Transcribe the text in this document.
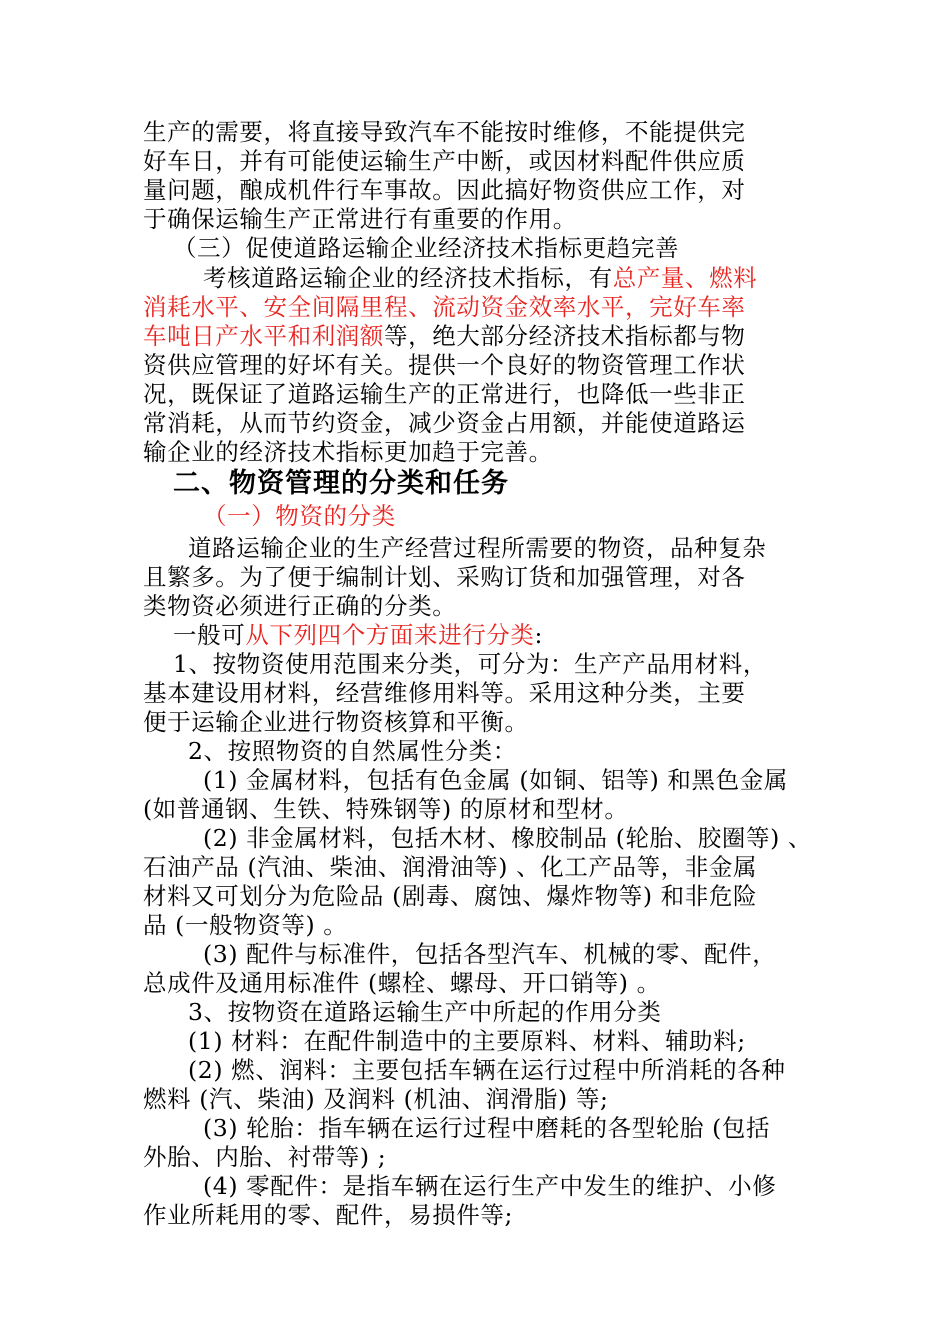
生产的需要，将直接导致汽车不能按时维修，不能提供完
好车日，并有可能使运输生产中断，或因材料配件供应质
量问题，酿成机件行车事故。因此搞好物资供应工作，对
于确保运输生产正常进行有重要的作用。
（三）促使道路运输企业经济技术指标更趋完善
考核道路运输企业的经济技术指标，有总产量、燃料
消耗水平、安全间隔里程、流动资金效率水平，完好车率
车吨日产水平和利润额等，绝大部分经济技术指标都与物
资供应管理的好坏有关。提供一个良好的物资管理工作状
况，既保证了道路运输生产的正常进行，也降低一些非正
常消耗，从而节约资金，减少资金占用额，并能使道路运
输企业的经济技术指标更加趋于完善。
二、物资管理的分类和任务
（一）物资的分类
道路运输企业的生产经营过程所需要的物资，品种复杂
且繁多。为了便于编制计划、采购订货和加强管理，对各
类物资必须进行正确的分类。
一般可从下列四个方面来进行分类:
1、按物资使用范围来分类，可分为：生产产品用材料，
基本建设用材料，经营维修用料等。采用这种分类，主要
便于运输企业进行物资核算和平衡。
2、按照物资的自然属性分类：
(1) 金属材料，包括有色金属 (如铜、铝等) 和黑色金属
(如普通钢、生铁、特殊钢等) 的原材和型材。
(2) 非金属材料，包括木材、橡胶制品 (轮胎、胶圈等) 、
石油产品 (汽油、柴油、润滑油等) 、化工产品等，非金属
材料又可划分为危险品 (剧毒、腐蚀、爆炸物等) 和非危险
品 (一般物资等) 。
(3) 配件与标准件，包括各型汽车、机械的零、配件，
总成件及通用标准件 (螺栓、螺母、开口销等) 。
3、按物资在道路运输生产中所起的作用分类
(1) 材料：在配件制造中的主要原料、材料、辅助料;
(2) 燃、润料：主要包括车辆在运行过程中所消耗的各种
燃料 (汽、柴油) 及润料 (机油、润滑脂) 等;
(3) 轮胎：指车辆在运行过程中磨耗的各型轮胎 (包括
外胎、内胎、衬带等) ;
(4) 零配件：是指车辆在运行生产中发生的维护、小修
作业所耗用的零、配件，易损件等;
